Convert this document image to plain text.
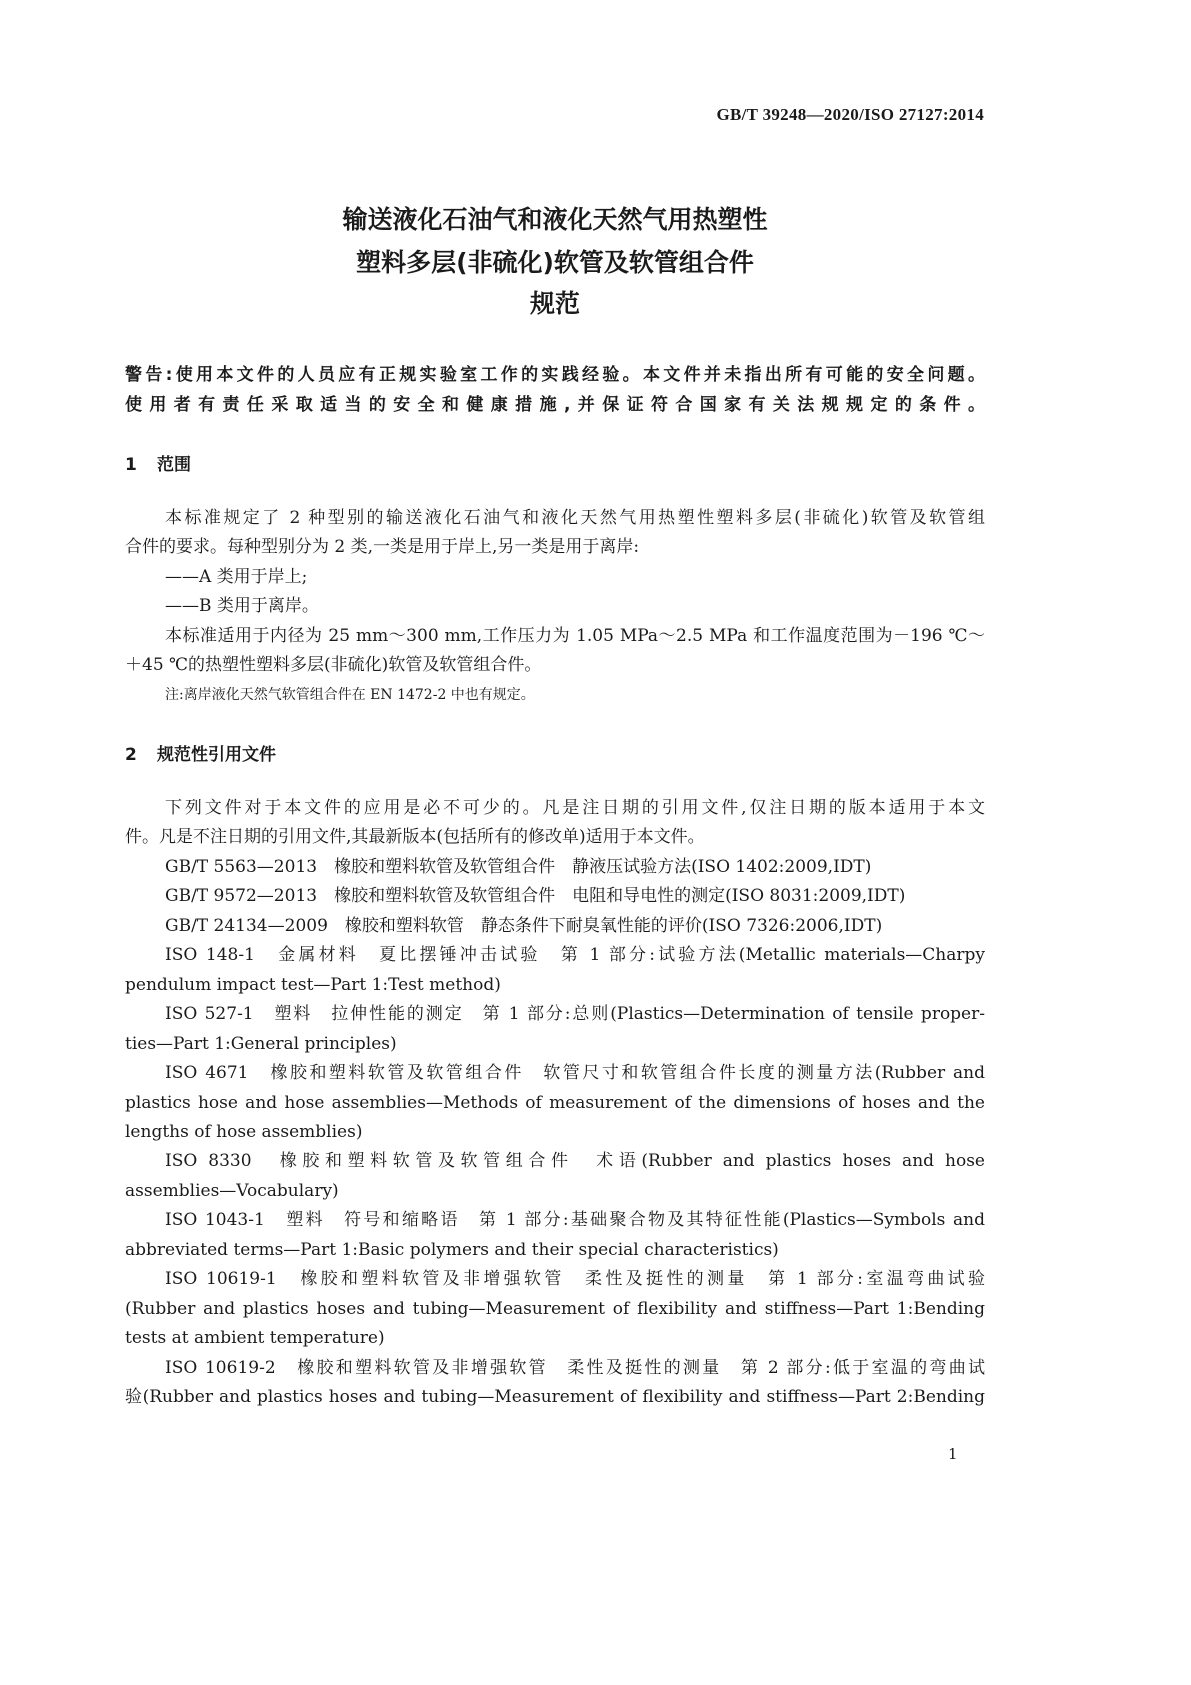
GB/T 39248—2020/ISO 27127:2014
输送液化石油气和液化天然气用热塑性
塑料多层(非硫化)软管及软管组合件
规范
警告:使用本文件的人员应有正规实验室工作的实践经验。本文件并未指出所有可能的安全问题。
使用者有责任采取适当的安全和健康措施,并保证符合国家有关法规规定的条件。
1 范围
本标准规定了 2 种型别的输送液化石油气和液化天然气用热塑性塑料多层(非硫化)软管及软管组
合件的要求。每种型别分为 2 类,一类是用于岸上,另一类是用于离岸:
——A 类用于岸上;
——B 类用于离岸。
本标准适用于内径为 25 mm～300 mm,工作压力为 1.05 MPa～2.5 MPa 和工作温度范围为－196 ℃～
＋45 ℃的热塑性塑料多层(非硫化)软管及软管组合件。
注:离岸液化天然气软管组合件在 EN 1472-2 中也有规定。
2 规范性引用文件
下列文件对于本文件的应用是必不可少的。凡是注日期的引用文件,仅注日期的版本适用于本文
件。凡是不注日期的引用文件,其最新版本(包括所有的修改单)适用于本文件。
GB/T 5563—2013　橡胶和塑料软管及软管组合件　静液压试验方法(ISO 1402:2009,IDT)
GB/T 9572—2013　橡胶和塑料软管及软管组合件　电阻和导电性的测定(ISO 8031:2009,IDT)
GB/T 24134—2009　橡胶和塑料软管　静态条件下耐臭氧性能的评价(ISO 7326:2006,IDT)
ISO 148-1　金属材料　夏比摆锤冲击试验　第 1 部分:试验方法(Metallic materials—Charpy
pendulum impact test—Part 1:Test method)
ISO 527-1　塑料　拉伸性能的测定　第 1 部分:总则(Plastics—Determination of tensile proper-
ties—Part 1:General principles)
ISO 4671　橡胶和塑料软管及软管组合件　软管尺寸和软管组合件长度的测量方法(Rubber and
plastics hose and hose assemblies—Methods of measurement of the dimensions of hoses and the
lengths of hose assemblies)
ISO 8330　橡胶和塑料软管及软管组合件　术语(Rubber and plastics hoses and hose
assemblies—Vocabulary)
ISO 1043-1　塑料　符号和缩略语　第 1 部分:基础聚合物及其特征性能(Plastics—Symbols and
abbreviated terms—Part 1:Basic polymers and their special characteristics)
ISO 10619-1　橡胶和塑料软管及非增强软管　柔性及挺性的测量　第 1 部分:室温弯曲试验
(Rubber and plastics hoses and tubing—Measurement of flexibility and stiffness—Part 1:Bending
tests at ambient temperature)
ISO 10619-2　橡胶和塑料软管及非增强软管　柔性及挺性的测量　第 2 部分:低于室温的弯曲试
验(Rubber and plastics hoses and tubing—Measurement of flexibility and stiffness—Part 2:Bending
1
